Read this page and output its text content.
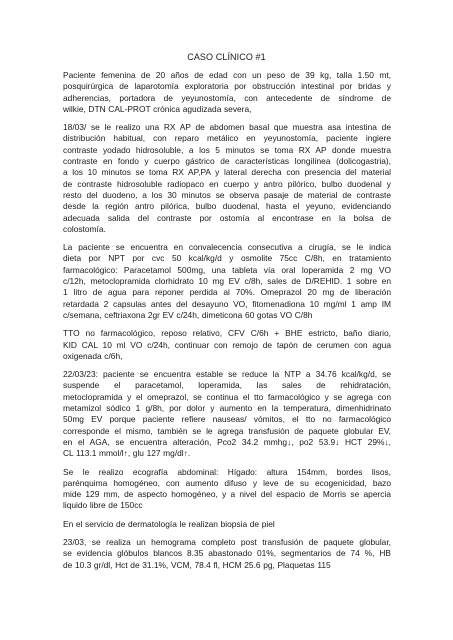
CASO CLÍNICO #1

Paciente femenina de 20 años de edad con un peso de 39 kg, talla 1.50 mt,
posquirúrgica de laparotomía exploratoria por obstrucción intestinal por bridas y
adherencias, portadora de yeyunostomía, con antecedente de síndrome de
wilkie, DTN CAL-PROT crónica agudizada severa,

18/03/ se le realizo una RX AP de abdomen basal que muestra asa intestina de
distribución habitual, con reparo metálico en yeyunostomía, paciente ingiere
contraste yodado hidrosoluble, a los 5 minutos se toma RX AP donde muestra
contraste en fondo y cuerpo gástrico de características longilínea (dolicogastria),
a los 10 minutos se toma RX AP,PA y lateral derecha con presencia del material
de contraste hidrosoluble radiopaco en cuerpo y antro pilórico, bulbo duodenal y
resto del duodeno, a los 30 minutos se observa pasaje de material de contraste
desde la región antro pilórica, bulbo duodenal, hasta el yeyuno, evidenciando
adecuada salida del contraste por ostomía al encontrase en la bolsa de
colostomía.

La paciente se encuentra en convalecencia consecutiva a cirugía, se le indica
dieta por NPT por cvc 50 kcal/kg/d y osmolite 75cc C/8h, en tratamiento
farmacológico: Paracetamol 500mg, una tableta vía oral loperamida 2 mg VO
c/12h, metoclopramida clorhidrato 10 mg EV c/8h, sales de D/REHID. 1 sobre en
1 litro de agua para reponer perdida al 70%. Omeprazol 20 mg de liberación
retardada 2 capsulas antes del desayuno VO, fitomenadiona 10 mg/ml 1 amp IM
c/semana, ceftriaxona 2gr EV c/24h, dimeticona 60 gotas VO C/8h

TTO no farmacológico, reposo relativo, CFV C/6h + BHE estricto, baño diario,
KID CAL 10 ml VO c/24h, continuar con remojo de tapón de cerumen con agua
oxigenada c/6h,

22/03/23: paciente se encuentra estable se reduce la NTP a 34.76 kcal/kg/d, se
suspende el paracetamol, loperamida, las sales de rehidratación,
metoclopramida y el omeprazol, se continua el tto farmacológico y se agrega con
metamizol sódico 1 g/8h, por dolor y aumento en la temperatura, dimenhidrinato
50mg EV porque paciente refiere nauseas/ vómitos, el tto no farmacológico
corresponde el mismo, también se le agrega transfusión de paquete globular EV,
en el AGA, se encuentra alteración, Pco2 34.2 mmhg↓, po2 53.9↓ HCT 29%↓,
CL 113.1 mmol/l↑, glu 127 mg/dl↑.

Se le realizo ecografía abdominal: Hígado: altura 154mm, bordes lisos,
parénquima homogéneo, con aumento difuso y leve de su ecogenicidad, bazo
mide 129 mm, de aspecto homogéneo, y a nivel del espacio de Morris se apercia
liquido libre de 150cc

En el servicio de dermatología le realizan biopsia de piel

23/03, se realiza un hemograma completo post transfusión de paquete globular,
se evidencia glóbulos blancos 8.35 abastonado 01%, segmentarios de 74 %, HB
de 10.3 gr/dl, Hct de 31.1%, VCM, 78.4 fl, HCM 25.6 pg, Plaquetas 115
